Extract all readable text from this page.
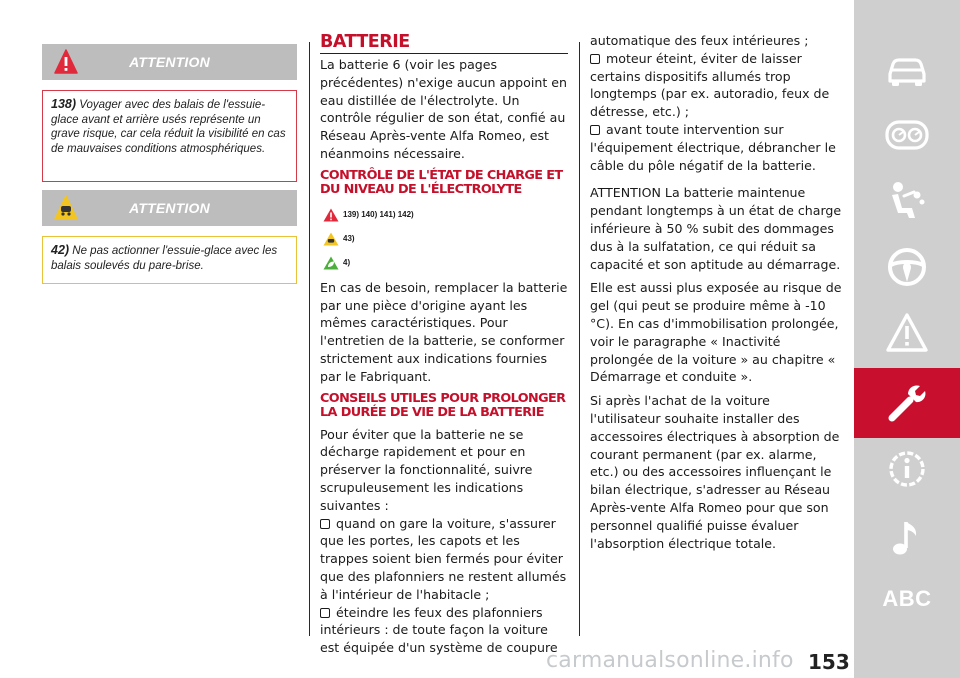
ATTENTION
138) Voyager avec des balais de l'essuie-glace avant et arrière usés représente un grave risque, car cela réduit la visibilité en cas de mauvaises conditions atmosphériques.
ATTENTION
42) Ne pas actionner l'essuie-glace avec les balais soulevés du pare-brise.
BATTERIE

La batterie 6 (voir les pages précédentes) n'exige aucun appoint en eau distillée de l'électrolyte. Un contrôle régulier de son état, confié au Réseau Après-vente Alfa Romeo, est néanmoins nécessaire.

CONTRÔLE DE L'ÉTAT DE CHARGE ET
DU NIVEAU DE L'ÉLECTROLYTE
139) 140) 141) 142)
43)
4)

En cas de besoin, remplacer la batterie par une pièce d'origine ayant les mêmes caractéristiques. Pour l'entretien de la batterie, se conformer strictement aux indications fournies par le Fabriquant.

CONSEILS UTILES POUR PROLONGER
LA DURÉE DE VIE DE LA BATTERIE

Pour éviter que la batterie ne se décharge rapidement et pour en préserver la fonctionnalité, suivre scrupuleusement les indications suivantes :
quand on gare la voiture, s'assurer que les portes, les capots et les trappes soient bien fermés pour éviter que des plafonniers ne restent allumés à l'intérieur de l'habitacle ;
éteindre les feux des plafonniers intérieurs : de toute façon la voiture est équipée d'un système de coupure

automatique des feux intérieures ;
moteur éteint, éviter de laisser certains dispositifs allumés trop longtemps (par ex. autoradio, feux de détresse, etc.) ;
avant toute intervention sur l'équipement électrique, débrancher le câble du pôle négatif de la batterie.

ATTENTION La batterie maintenue pendant longtemps à un état de charge inférieure à 50 % subit des dommages dus à la sulfatation, ce qui réduit sa capacité et son aptitude au démarrage.

Elle est aussi plus exposée au risque de gel (qui peut se produire même à -10 °C). En cas d'immobilisation prolongée, voir le paragraphe « Inactivité prolongée de la voiture » au chapitre « Démarrage et conduite ».

Si après l'achat de la voiture l'utilisateur souhaite installer des accessoires électriques à absorption de courant permanent (par ex. alarme, etc.) ou des accessoires influençant le bilan électrique, s'adresser au Réseau Après-vente Alfa Romeo pour que son personnel qualifié puisse évaluer l'absorption électrique totale.

ABC
carmanualsonline.info 153
